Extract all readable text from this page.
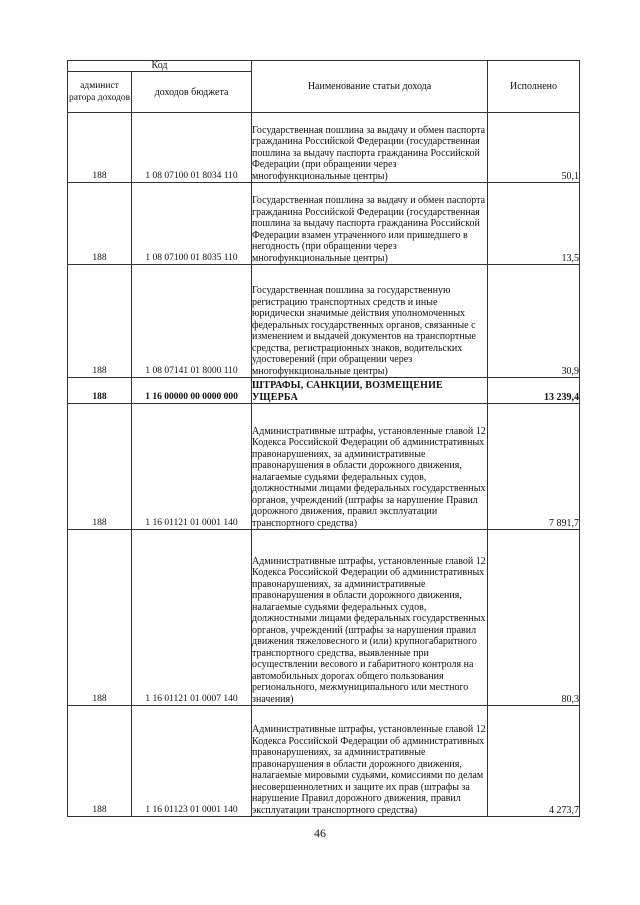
Код		Наименование статьи дохода	Исполнено
админист ратора доходов	доходов бюджета		
188	1 08 07100 01 8034 110	Государственная пошлина за выдачу и обмен паспорта гражданина Российской Федерации (государственная пошлина за выдачу паспорта гражданина Российской Федерации (при обращении через многофункциональные центры)	50,1
188	1 08 07100 01 8035 110	Государственная пошлина за выдачу и обмен паспорта гражданина Российской Федерации (государственная пошлина за выдачу паспорта гражданина Российской Федерации взамен утраченного или пришедшего в негодность (при обращении через многофункциональные центры)	13,5
188	1 08 07141 01 8000 110	Государственная пошлина за государственную регистрацию транспортных средств и иные юридически значимые действия уполномоченных федеральных государственных органов, связанные с изменением и выдачей документов на транспортные средства, регистрационных знаков, водительских удостоверений (при обращении через многофункциональные центры)	30,9
188	1 16 00000 00 0000 000	ШТРАФЫ, САНКЦИИ, ВОЗМЕЩЕНИЕ УЩЕРБА	13 239,4
188	1 16 01121 01 0001 140	Административные штрафы, установленные главой 12 Кодекса Российской Федерации об административных правонарушениях, за административные правонарушения в области дорожного движения, налагаемые судьями федеральных судов, должностными лицами федеральных государственных органов, учреждений (штрафы за нарушение Правил дорожного движения, правил эксплуатации транспортного средства)	7 891,7
188	1 16 01121 01 0007 140	Административные штрафы, установленные главой 12 Кодекса Российской Федерации об административных правонарушениях, за административные правонарушения в области дорожного движения, налагаемые судьями федеральных судов, должностными лицами федеральных государственных органов, учреждений (штрафы за нарушения правил движения тяжеловесного и (или) крупногабаритного транспортного средства, выявленные при осуществлении весового и габаритного контроля на автомобильных дорогах общего пользования регионального, межмуниципального или местного значения)	80,3
188	1 16 01123 01 0001 140	Административные штрафы, установленные главой 12 Кодекса Российской Федерации об административных правонарушениях, за административные правонарушения в области дорожного движения, налагаемые мировыми судьями, комиссиями по делам несовершеннолетних и защите их прав (штрафы за нарушение Правил дорожного движения, правил эксплуатации транспортного средства)	4 273,7
46
